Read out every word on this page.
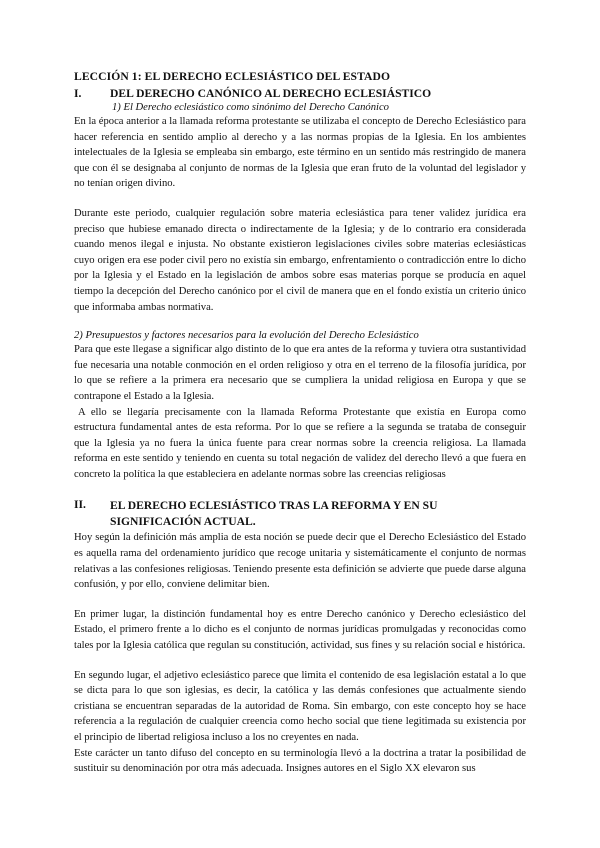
LECCIÓN 1: EL DERECHO ECLESIÁSTICO DEL ESTADO
I.	DEL DERECHO CANÓNICO AL DERECHO ECLESIÁSTICO
1) El Derecho eclesiástico como sinónimo del Derecho Canónico

En la época anterior a la llamada reforma protestante se utilizaba el concepto de Derecho Eclesiástico para hacer referencia en sentido amplio al derecho y a las normas propias de la Iglesia. En los ambientes intelectuales de la Iglesia se empleaba sin embargo, este término en un sentido más restringido de manera que con él se designaba al conjunto de normas de la Iglesia que eran fruto de la voluntad del legislador y no tenían origen divino.

Durante este periodo, cualquier regulación sobre materia eclesiástica para tener validez jurídica era preciso que hubiese emanado directa o indirectamente de la Iglesia; y de lo contrario era considerada cuando menos ilegal e injusta. No obstante existieron legislaciones civiles sobre materias eclesiásticas cuyo origen era ese poder civil pero no existía sin embargo, enfrentamiento o contradicción entre lo dicho por la Iglesia y el Estado en la legislación de ambos sobre esas materias porque se producía en aquel tiempo la decepción del Derecho canónico por el civil de manera que en el fondo existía un criterio único que informaba ambas normativa.

2) Presupuestos y factores necesarios para la evolución del Derecho Eclesiástico

Para que este llegase a significar algo distinto de lo que era antes de la reforma y tuviera otra sustantividad fue necesaria una notable conmoción en el orden religioso y otra en el terreno de la filosofía jurídica, por lo que se refiere a la primera era necesario que se cumpliera la unidad religiosa en Europa y que se contrapone el Estado a la Iglesia.

A ello se llegaría precisamente con la llamada Reforma Protestante que existía en Europa como estructura fundamental antes de esta reforma. Por lo que se refiere a la segunda se trataba de conseguir que la Iglesia ya no fuera la única fuente para crear normas sobre la creencia religiosa. La llamada reforma en este sentido y teniendo en cuenta su total negación de validez del derecho llevó a que fuera en concreto la política la que estableciera en adelante normas sobre las creencias religiosas

II.	EL DERECHO ECLESIÁSTICO TRAS LA REFORMA Y EN SU SIGNIFICACIÓN ACTUAL.

Hoy según la definición más amplia de esta noción se puede decir que el Derecho Eclesiástico del Estado es aquella rama del ordenamiento jurídico que recoge unitaria y sistemáticamente el conjunto de normas relativas a las confesiones religiosas. Teniendo presente esta definición se advierte que puede darse alguna confusión, y por ello, conviene delimitar bien.

En primer lugar, la distinción fundamental hoy es entre Derecho canónico y Derecho eclesiástico del Estado, el primero frente a lo dicho es el conjunto de normas jurídicas promulgadas y reconocidas como tales por la Iglesia católica que regulan su constitución, actividad, sus fines y su relación social e histórica.

En segundo lugar, el adjetivo eclesiástico parece que limita el contenido de esa legislación estatal a lo que se dicta para lo que son iglesias, es decir, la católica y las demás confesiones que actualmente siendo cristiana se encuentran separadas de la autoridad de Roma. Sin embargo, con este concepto hoy se hace referencia a la regulación de cualquier creencia como hecho social que tiene legitimada su existencia por el principio de libertad religiosa incluso a los no creyentes en nada.

Este carácter un tanto difuso del concepto en su terminología llevó a la doctrina a tratar la posibilidad de sustituir su denominación por otra más adecuada. Insignes autores en el Siglo XX elevaron sus
